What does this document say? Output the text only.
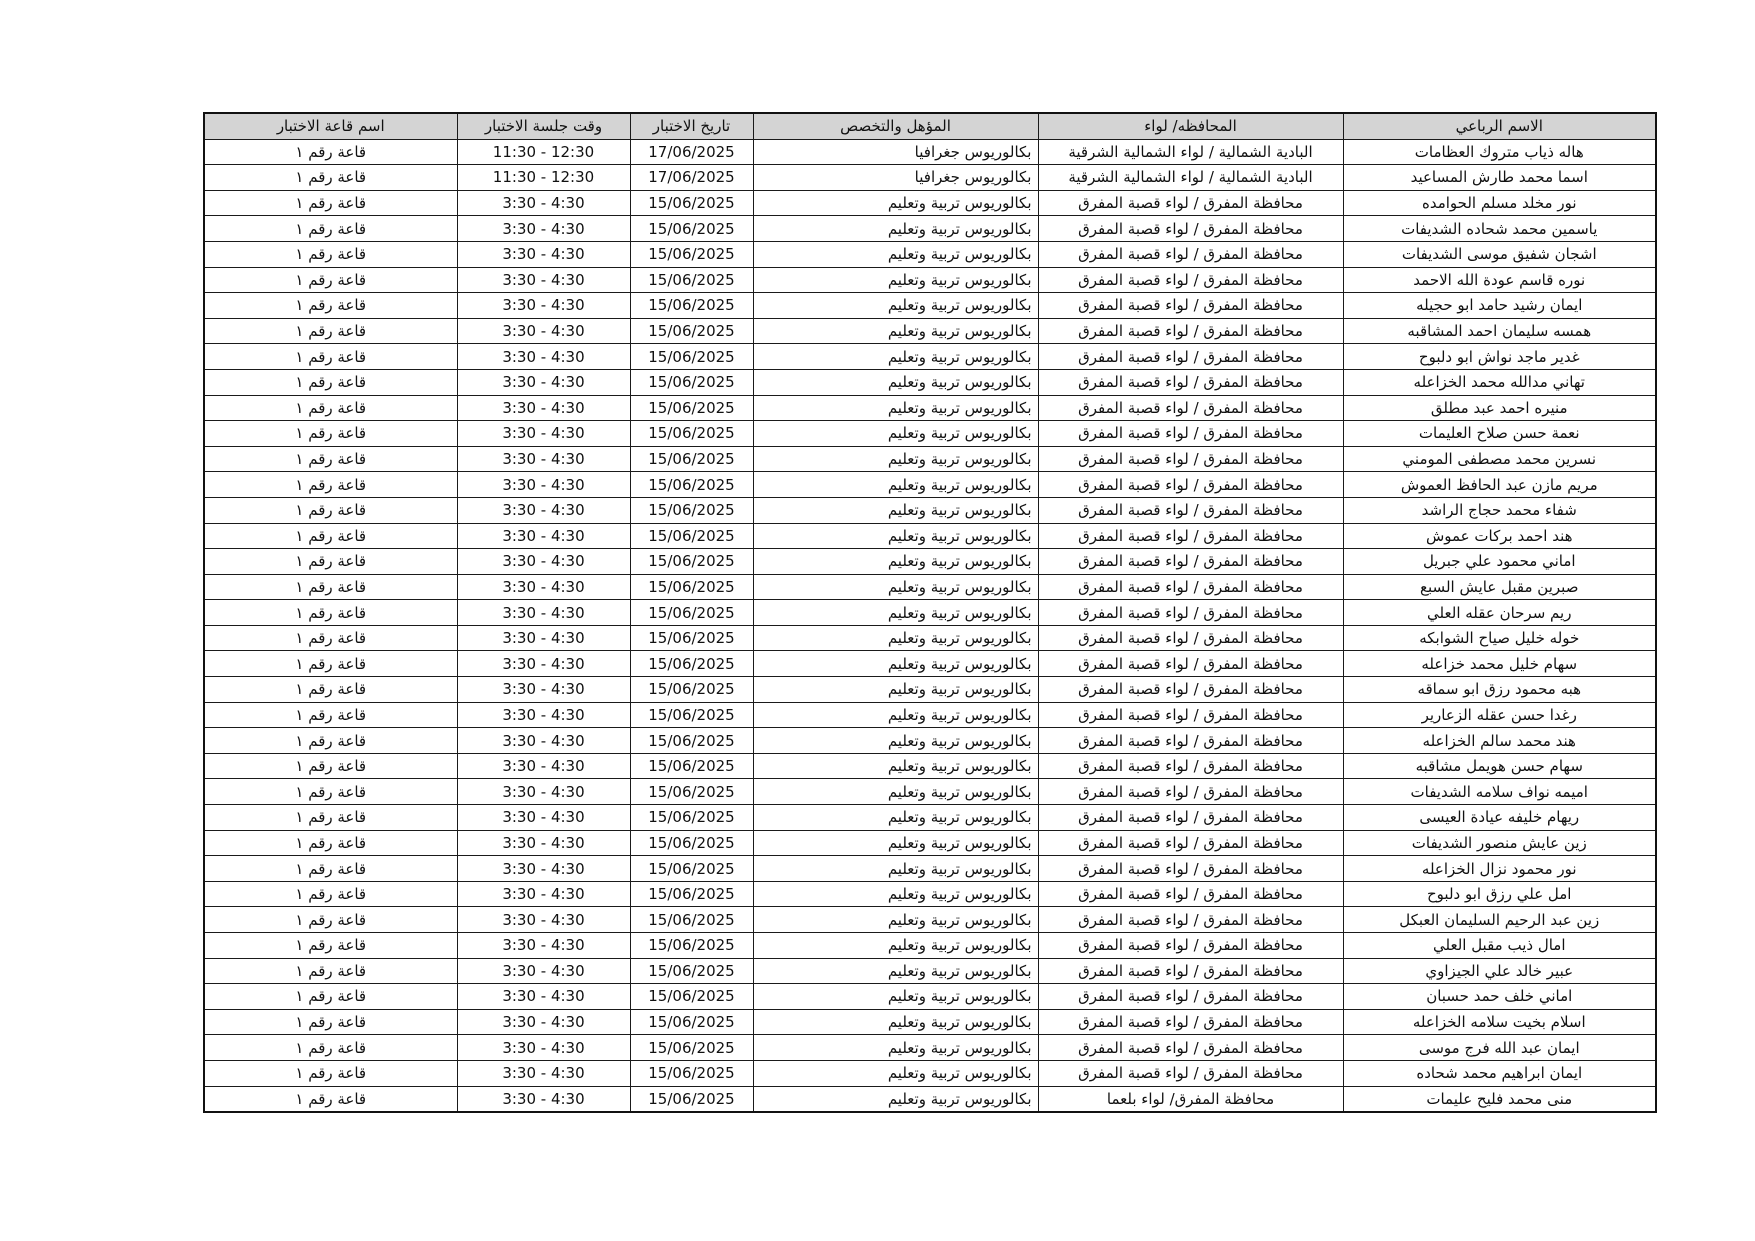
اسم قاعة الاختبار	وقت جلسة الاختبار	تاريخ الاختبار	المؤهل والتخصص	المحافظه/ لواء	الاسم الرباعي
قاعة رقم ١	11:30 - 12:30	17/06/2025	بكالوريوس جغرافيا	البادية الشمالية / لواء الشمالية الشرقية	هاله ذياب متروك العظامات
قاعة رقم ١	11:30 - 12:30	17/06/2025	بكالوريوس جغرافيا	البادية الشمالية / لواء الشمالية الشرقية	اسما محمد طارش المساعيد
قاعة رقم ١	3:30 - 4:30	15/06/2025	بكالوريوس تربية وتعليم	محافظة المفرق / لواء قصبة المفرق	نور مخلد مسلم الحوامده
قاعة رقم ١	3:30 - 4:30	15/06/2025	بكالوريوس تربية وتعليم	محافظة المفرق / لواء قصبة المفرق	ياسمين محمد شحاده الشديفات
قاعة رقم ١	3:30 - 4:30	15/06/2025	بكالوريوس تربية وتعليم	محافظة المفرق / لواء قصبة المفرق	اشجان شفيق موسى الشديفات
قاعة رقم ١	3:30 - 4:30	15/06/2025	بكالوريوس تربية وتعليم	محافظة المفرق / لواء قصبة المفرق	نوره قاسم عودة الله الاحمد
قاعة رقم ١	3:30 - 4:30	15/06/2025	بكالوريوس تربية وتعليم	محافظة المفرق / لواء قصبة المفرق	ايمان رشيد حامد ابو حجيله
قاعة رقم ١	3:30 - 4:30	15/06/2025	بكالوريوس تربية وتعليم	محافظة المفرق / لواء قصبة المفرق	همسه سليمان احمد المشاقبه
قاعة رقم ١	3:30 - 4:30	15/06/2025	بكالوريوس تربية وتعليم	محافظة المفرق / لواء قصبة المفرق	غدير ماجد نواش ابو دلبوح
قاعة رقم ١	3:30 - 4:30	15/06/2025	بكالوريوس تربية وتعليم	محافظة المفرق / لواء قصبة المفرق	تهاني مدالله محمد الخزاعله
قاعة رقم ١	3:30 - 4:30	15/06/2025	بكالوريوس تربية وتعليم	محافظة المفرق / لواء قصبة المفرق	منيره احمد عبد مطلق
قاعة رقم ١	3:30 - 4:30	15/06/2025	بكالوريوس تربية وتعليم	محافظة المفرق / لواء قصبة المفرق	نعمة حسن صلاح العليمات
قاعة رقم ١	3:30 - 4:30	15/06/2025	بكالوريوس تربية وتعليم	محافظة المفرق / لواء قصبة المفرق	نسرين محمد مصطفى المومني
قاعة رقم ١	3:30 - 4:30	15/06/2025	بكالوريوس تربية وتعليم	محافظة المفرق / لواء قصبة المفرق	مريم مازن عبد الحافظ العموش
قاعة رقم ١	3:30 - 4:30	15/06/2025	بكالوريوس تربية وتعليم	محافظة المفرق / لواء قصبة المفرق	شفاء محمد حجاج الراشد
قاعة رقم ١	3:30 - 4:30	15/06/2025	بكالوريوس تربية وتعليم	محافظة المفرق / لواء قصبة المفرق	هند احمد بركات عموش
قاعة رقم ١	3:30 - 4:30	15/06/2025	بكالوريوس تربية وتعليم	محافظة المفرق / لواء قصبة المفرق	اماني محمود علي جبريل
قاعة رقم ١	3:30 - 4:30	15/06/2025	بكالوريوس تربية وتعليم	محافظة المفرق / لواء قصبة المفرق	صبرين مقبل عايش السبع
قاعة رقم ١	3:30 - 4:30	15/06/2025	بكالوريوس تربية وتعليم	محافظة المفرق / لواء قصبة المفرق	ريم سرحان عقله العلي
قاعة رقم ١	3:30 - 4:30	15/06/2025	بكالوريوس تربية وتعليم	محافظة المفرق / لواء قصبة المفرق	خوله خليل صياح الشوابكه
قاعة رقم ١	3:30 - 4:30	15/06/2025	بكالوريوس تربية وتعليم	محافظة المفرق / لواء قصبة المفرق	سهام خليل محمد خزاعله
قاعة رقم ١	3:30 - 4:30	15/06/2025	بكالوريوس تربية وتعليم	محافظة المفرق / لواء قصبة المفرق	هبه محمود رزق ابو سماقه
قاعة رقم ١	3:30 - 4:30	15/06/2025	بكالوريوس تربية وتعليم	محافظة المفرق / لواء قصبة المفرق	رغدا حسن عقله الزعارير
قاعة رقم ١	3:30 - 4:30	15/06/2025	بكالوريوس تربية وتعليم	محافظة المفرق / لواء قصبة المفرق	هند محمد سالم الخزاعله
قاعة رقم ١	3:30 - 4:30	15/06/2025	بكالوريوس تربية وتعليم	محافظة المفرق / لواء قصبة المفرق	سهام حسن هويمل مشاقبه
قاعة رقم ١	3:30 - 4:30	15/06/2025	بكالوريوس تربية وتعليم	محافظة المفرق / لواء قصبة المفرق	اميمه نواف سلامه الشديفات
قاعة رقم ١	3:30 - 4:30	15/06/2025	بكالوريوس تربية وتعليم	محافظة المفرق / لواء قصبة المفرق	ريهام خليفه عيادة العيسى
قاعة رقم ١	3:30 - 4:30	15/06/2025	بكالوريوس تربية وتعليم	محافظة المفرق / لواء قصبة المفرق	زين عايش منصور الشديفات
قاعة رقم ١	3:30 - 4:30	15/06/2025	بكالوريوس تربية وتعليم	محافظة المفرق / لواء قصبة المفرق	نور محمود نزال الخزاعله
قاعة رقم ١	3:30 - 4:30	15/06/2025	بكالوريوس تربية وتعليم	محافظة المفرق / لواء قصبة المفرق	امل علي رزق ابو دلبوح
قاعة رقم ١	3:30 - 4:30	15/06/2025	بكالوريوس تربية وتعليم	محافظة المفرق / لواء قصبة المفرق	زين عبد الرحيم السليمان العبكل
قاعة رقم ١	3:30 - 4:30	15/06/2025	بكالوريوس تربية وتعليم	محافظة المفرق / لواء قصبة المفرق	امال ذيب مقبل العلي
قاعة رقم ١	3:30 - 4:30	15/06/2025	بكالوريوس تربية وتعليم	محافظة المفرق / لواء قصبة المفرق	عبير خالد علي الجيزاوي
قاعة رقم ١	3:30 - 4:30	15/06/2025	بكالوريوس تربية وتعليم	محافظة المفرق / لواء قصبة المفرق	اماني خلف حمد حسبان
قاعة رقم ١	3:30 - 4:30	15/06/2025	بكالوريوس تربية وتعليم	محافظة المفرق / لواء قصبة المفرق	اسلام بخيت سلامه الخزاعله
قاعة رقم ١	3:30 - 4:30	15/06/2025	بكالوريوس تربية وتعليم	محافظة المفرق / لواء قصبة المفرق	ايمان عبد الله فرج موسى
قاعة رقم ١	3:30 - 4:30	15/06/2025	بكالوريوس تربية وتعليم	محافظة المفرق / لواء قصبة المفرق	ايمان ابراهيم محمد شحاده
قاعة رقم ١	3:30 - 4:30	15/06/2025	بكالوريوس تربية وتعليم	محافظة المفرق/ لواء بلعما	منى محمد فليح عليمات
